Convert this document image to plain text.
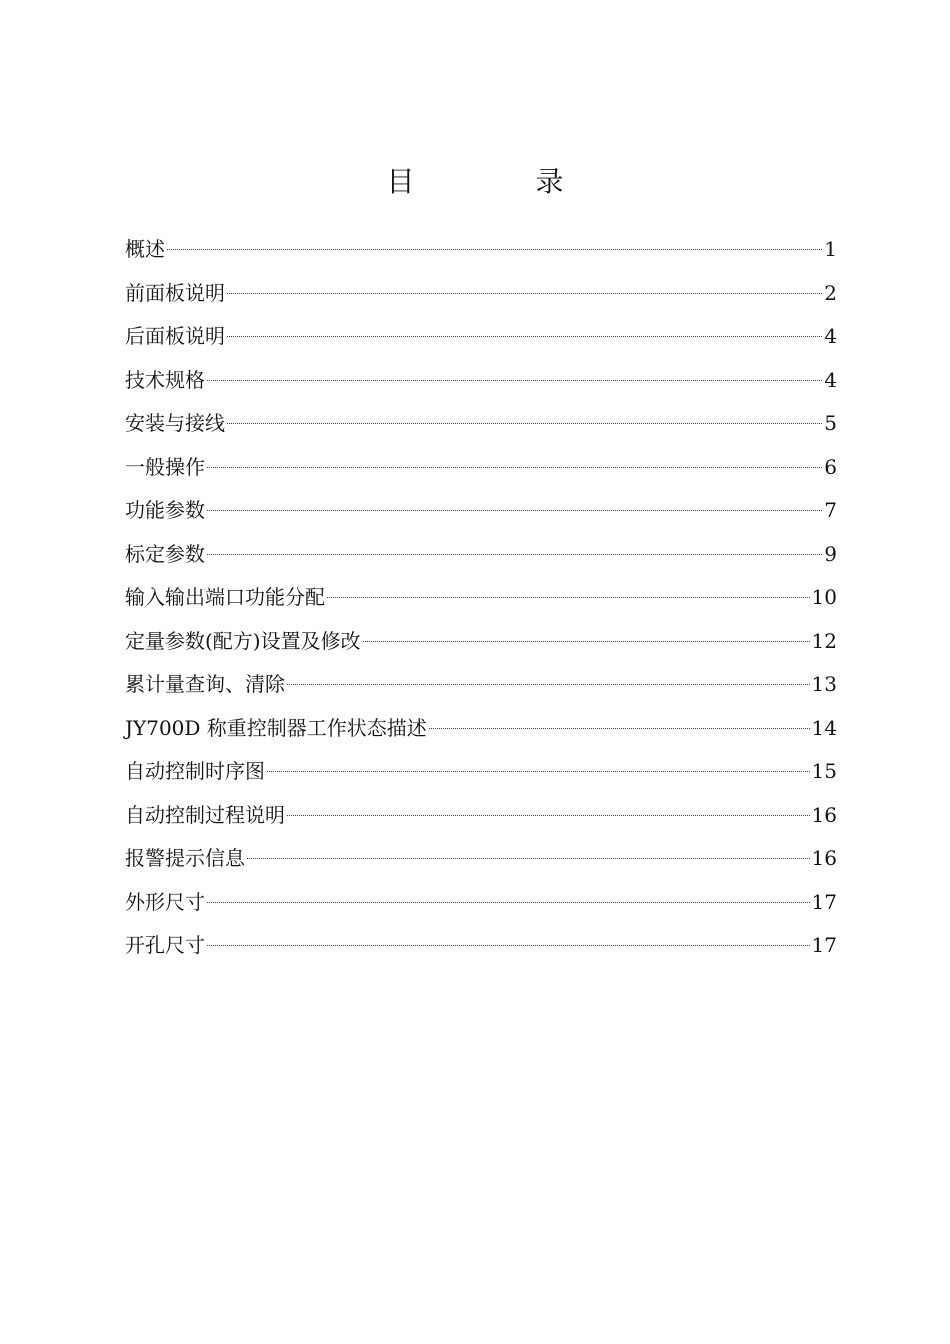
目 录
概述	1
前面板说明	2
后面板说明	4
技术规格	4
安装与接线	5
一般操作	6
功能参数	7
标定参数	9
输入输出端口功能分配	10
定量参数(配方)设置及修改	12
累计量查询、清除	13
JY700D 称重控制器工作状态描述	14
自动控制时序图	15
自动控制过程说明	16
报警提示信息	16
外形尺寸	17
开孔尺寸	17
